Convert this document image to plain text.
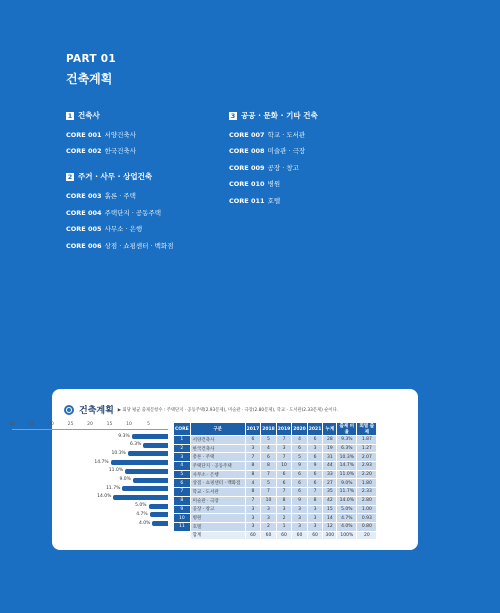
PART 01
건축계획
1 건축사
CORE 001 서양건축사
CORE 002 한국건축사
2 주거 · 사무 · 상업건축
CORE 003 흙론 · 주택
CORE 004 주택단지 · 공동주택
CORE 005 사무소 · 은행
CORE 006 상점 · 쇼핑센터 · 백화점
3 공공 · 문화 · 기타 건축
CORE 007 학교 · 도서관
CORE 008 미술관 · 극장
CORE 009 공장 · 창고
CORE 010 병원
CORE 011 호텔
건축계획 ▶ 회당 평균 출제문항수 : 주택단지 · 공동주택(2.93문제), 미술관 · 극장(2.80문제), 학교 · 도서관(2.33문제) 순이다.
40	35	30	25	20	15	10	5
9.3%
6.3%
10.3%
14.7%
11.0%
9.0%
11.7%
14.0%
5.0%
4.7%
4.0%
CORE	구분	2017	2018	2019	2020	2021	누계	출제 비율	회별 출제
1	서양건축사	6	5	7	4	6	28	9.3%	1.87
2	한국건축사	3	4	3	6	3	19	6.3%	1.27
3	총론 · 주택	7	6	7	5	6	31	10.3%	2.07
4	주택단지 · 공동주택	8	8	10	9	9	44	14.7%	2.93
5	사무소 · 은행	8	7	6	6	6	33	11.0%	2.20
6	상점 · 쇼핑센터 · 백화점	4	5	6	6	6	27	9.0%	1.80
7	학교 · 도서관	8	7	7	6	7	35	11.7%	2.33
8	미술관 · 극장	7	10	8	9	8	42	14.0%	2.80
9	공장 · 창고	3	3	3	3	3	15	5.0%	1.00
10	병원	3	3	2	3	3	14	4.7%	0.93
11	호텔	3	2	1	3	3	12	4.0%	0.80
	합계	60	60	60	60	60	300	100%	20
